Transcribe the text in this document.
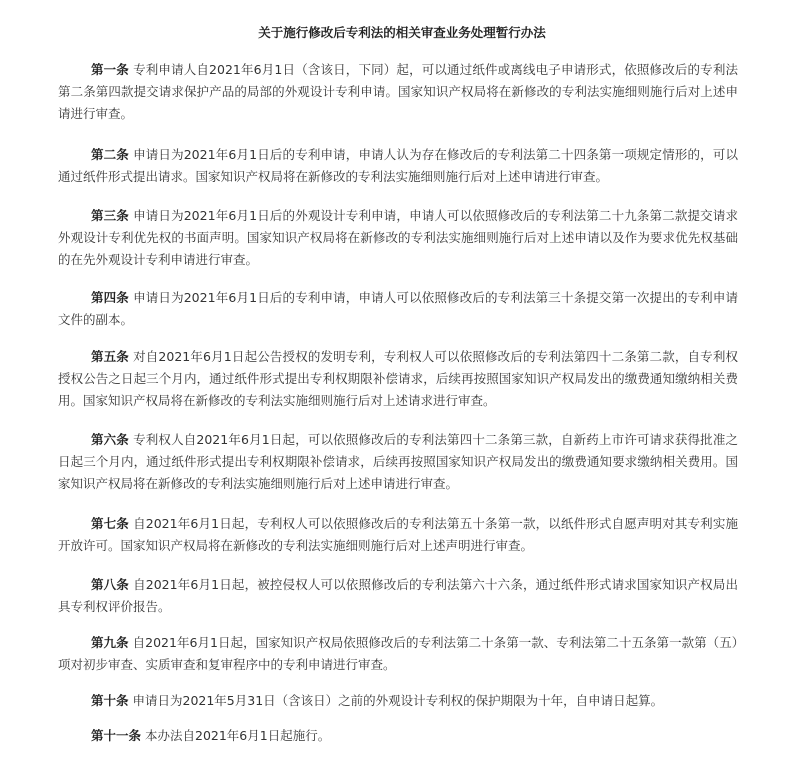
关于施行修改后专利法的相关审查业务处理暂行办法

第一条 专利申请人自2021年6月1日（含该日，下同）起，可以通过纸件或离线电子申请形式，依照修改后的专利法第二条第四款提交请求保护产品的局部的外观设计专利申请。国家知识产权局将在新修改的专利法实施细则施行后对上述申请进行审查。

第二条 申请日为2021年6月1日后的专利申请，申请人认为存在修改后的专利法第二十四条第一项规定情形的，可以通过纸件形式提出请求。国家知识产权局将在新修改的专利法实施细则施行后对上述申请进行审查。

第三条 申请日为2021年6月1日后的外观设计专利申请，申请人可以依照修改后的专利法第二十九条第二款提交请求外观设计专利优先权的书面声明。国家知识产权局将在新修改的专利法实施细则施行后对上述申请以及作为要求优先权基础的在先外观设计专利申请进行审查。

第四条 申请日为2021年6月1日后的专利申请，申请人可以依照修改后的专利法第三十条提交第一次提出的专利申请文件的副本。

第五条 对自2021年6月1日起公告授权的发明专利，专利权人可以依照修改后的专利法第四十二条第二款，自专利权授权公告之日起三个月内，通过纸件形式提出专利权期限补偿请求，后续再按照国家知识产权局发出的缴费通知缴纳相关费用。国家知识产权局将在新修改的专利法实施细则施行后对上述请求进行审查。

第六条 专利权人自2021年6月1日起，可以依照修改后的专利法第四十二条第三款，自新药上市许可请求获得批准之日起三个月内，通过纸件形式提出专利权期限补偿请求，后续再按照国家知识产权局发出的缴费通知要求缴纳相关费用。国家知识产权局将在新修改的专利法实施细则施行后对上述申请进行审查。

第七条 自2021年6月1日起，专利权人可以依照修改后的专利法第五十条第一款，以纸件形式自愿声明对其专利实施开放许可。国家知识产权局将在新修改的专利法实施细则施行后对上述声明进行审查。

第八条 自2021年6月1日起，被控侵权人可以依照修改后的专利法第六十六条，通过纸件形式请求国家知识产权局出具专利权评价报告。

第九条 自2021年6月1日起，国家知识产权局依照修改后的专利法第二十条第一款、专利法第二十五条第一款第（五）项对初步审查、实质审查和复审程序中的专利申请进行审查。

第十条 申请日为2021年5月31日（含该日）之前的外观设计专利权的保护期限为十年，自申请日起算。

第十一条 本办法自2021年6月1日起施行。
